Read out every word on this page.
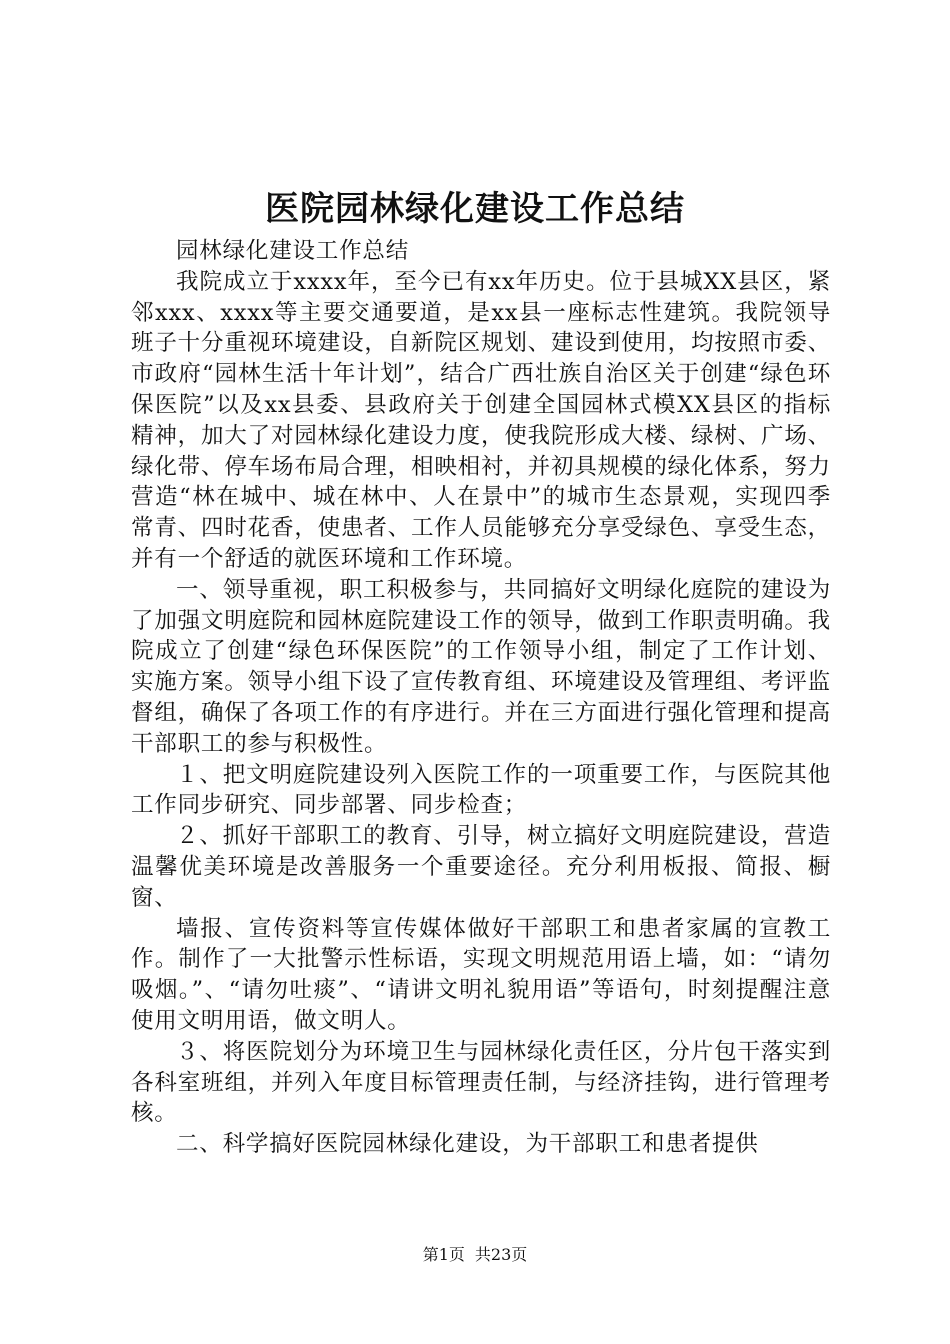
医院园林绿化建设工作总结

园林绿化建设工作总结

我院成立于xxxx年，至今已有xx年历史。位于县城XX县区，紧邻xxx、xxxx等主要交通要道，是xx县一座标志性建筑。我院领导班子十分重视环境建设，自新院区规划、建设到使用，均按照市委、市政府“园林生活十年计划”，结合广西壮族自治区关于创建“绿色环保医院”以及xx县委、县政府关于创建全国园林式模XX县区的指标精神，加大了对园林绿化建设力度，使我院形成大楼、绿树、广场、绿化带、停车场布局合理，相映相衬，并初具规模的绿化体系，努力营造“林在城中、城在林中、人在景中”的城市生态景观，实现四季常青、四时花香，使患者、工作人员能够充分享受绿色、享受生态，并有一个舒适的就医环境和工作环境。

一、领导重视，职工积极参与，共同搞好文明绿化庭院的建设为了加强文明庭院和园林庭院建设工作的领导，做到工作职责明确。我院成立了创建“绿色环保医院”的工作领导小组，制定了工作计划、实施方案。领导小组下设了宣传教育组、环境建设及管理组、考评监督组，确保了各项工作的有序进行。并在三方面进行强化管理和提高干部职工的参与积极性。

１、把文明庭院建设列入医院工作的一项重要工作，与医院其他工作同步研究、同步部署、同步检查；

２、抓好干部职工的教育、引导，树立搞好文明庭院建设，营造温馨优美环境是改善服务一个重要途径。充分利用板报、简报、橱窗、

墙报、宣传资料等宣传媒体做好干部职工和患者家属的宣教工作。制作了一大批警示性标语，实现文明规范用语上墙，如：“请勿吸烟。”、“请勿吐痰”、“请讲文明礼貌用语”等语句，时刻提醒注意使用文明用语，做文明人。

３、将医院划分为环境卫生与园林绿化责任区，分片包干落实到各科室班组，并列入年度目标管理责任制，与经济挂钩，进行管理考核。

二、科学搞好医院园林绿化建设，为干部职工和患者提供

第1页 共23页
